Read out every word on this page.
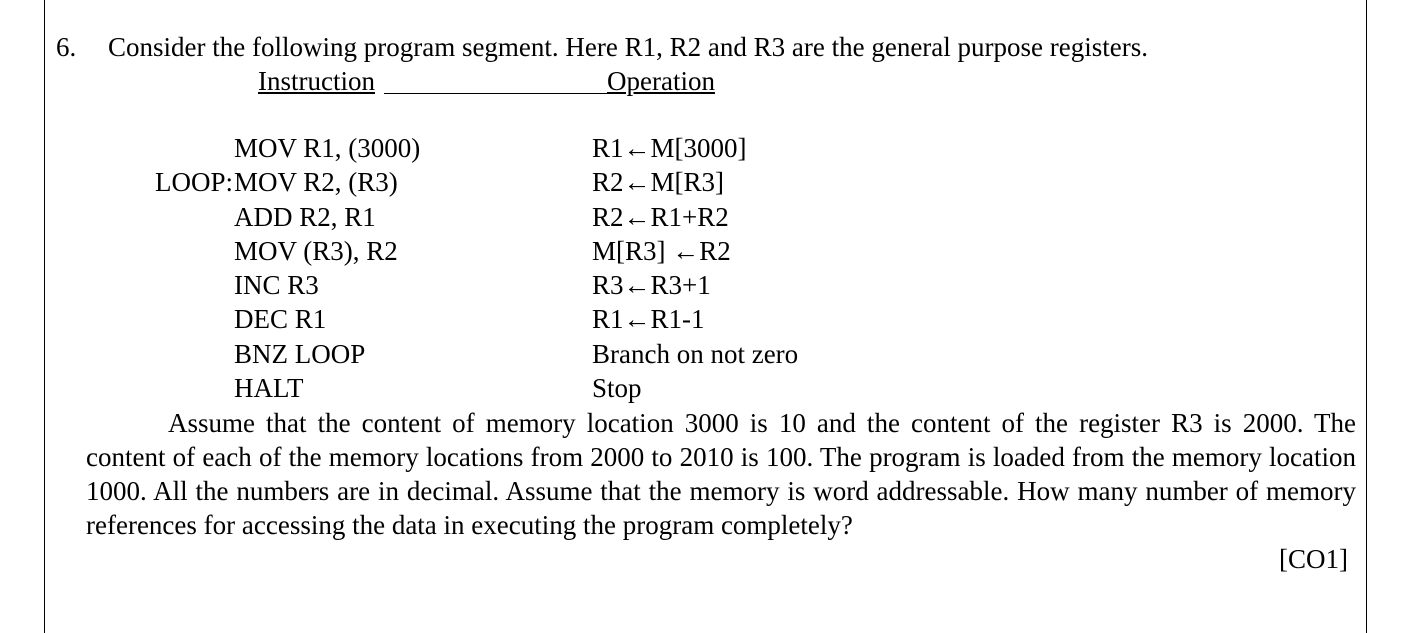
6. Consider the following program segment. Here R1, R2 and R3 are the general purpose registers.
Instruction	Operation
MOV R1, (3000)	R1←M[3000]
LOOP: MOV R2, (R3)	R2←M[R3]
ADD R2, R1	R2←R1+R2
MOV (R3), R2	M[R3] ←R2
INC R3	R3←R3+1
DEC R1	R1←R1-1
BNZ LOOP	Branch on not zero
HALT	Stop
Assume that the content of memory location 3000 is 10 and the content of the register R3 is 2000. The content of each of the memory locations from 2000 to 2010 is 100. The program is loaded from the memory location 1000. All the numbers are in decimal. Assume that the memory is word addressable. How many number of memory references for accessing the data in executing the program completely?
[CO1]
